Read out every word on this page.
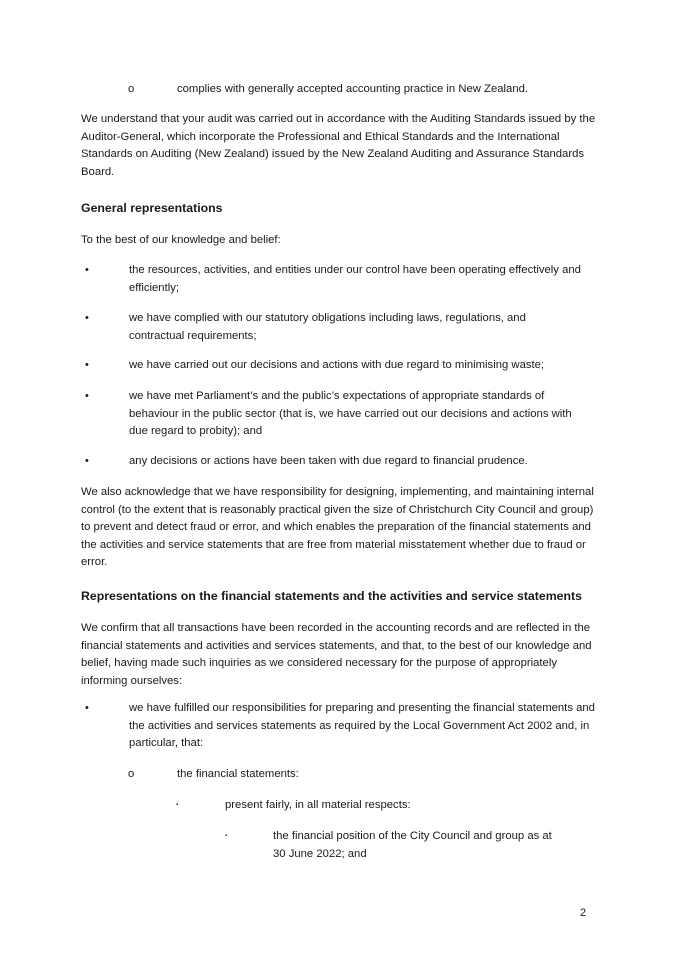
o	complies with generally accepted accounting practice in New Zealand.

We understand that your audit was carried out in accordance with the Auditing Standards issued by the Auditor-General, which incorporate the Professional and Ethical Standards and the International Standards on Auditing (New Zealand) issued by the New Zealand Auditing and Assurance Standards Board.

General representations

To the best of our knowledge and belief:

•	the resources, activities, and entities under our control have been operating effectively and efficiently;
•	we have complied with our statutory obligations including laws, regulations, and contractual requirements;
•	we have carried out our decisions and actions with due regard to minimising waste;
•	we have met Parliament’s and the public’s expectations of appropriate standards of behaviour in the public sector (that is, we have carried out our decisions and actions with due regard to probity); and
•	any decisions or actions have been taken with due regard to financial prudence.

We also acknowledge that we have responsibility for designing, implementing, and maintaining internal control (to the extent that is reasonably practical given the size of Christchurch City Council and group) to prevent and detect fraud or error, and which enables the preparation of the financial statements and the activities and service statements that are free from material misstatement whether due to fraud or error.

Representations on the financial statements and the activities and service statements

We confirm that all transactions have been recorded in the accounting records and are reflected in the financial statements and activities and services statements, and that, to the best of our knowledge and belief, having made such inquiries as we considered necessary for the purpose of appropriately informing ourselves:

•	we have fulfilled our responsibilities for preparing and presenting the financial statements and the activities and services statements as required by the Local Government Act 2002 and, in particular, that:
o	the financial statements:
▪	present fairly, in all material respects:
▪	the financial position of the City Council and group as at 30 June 2022; and
2
